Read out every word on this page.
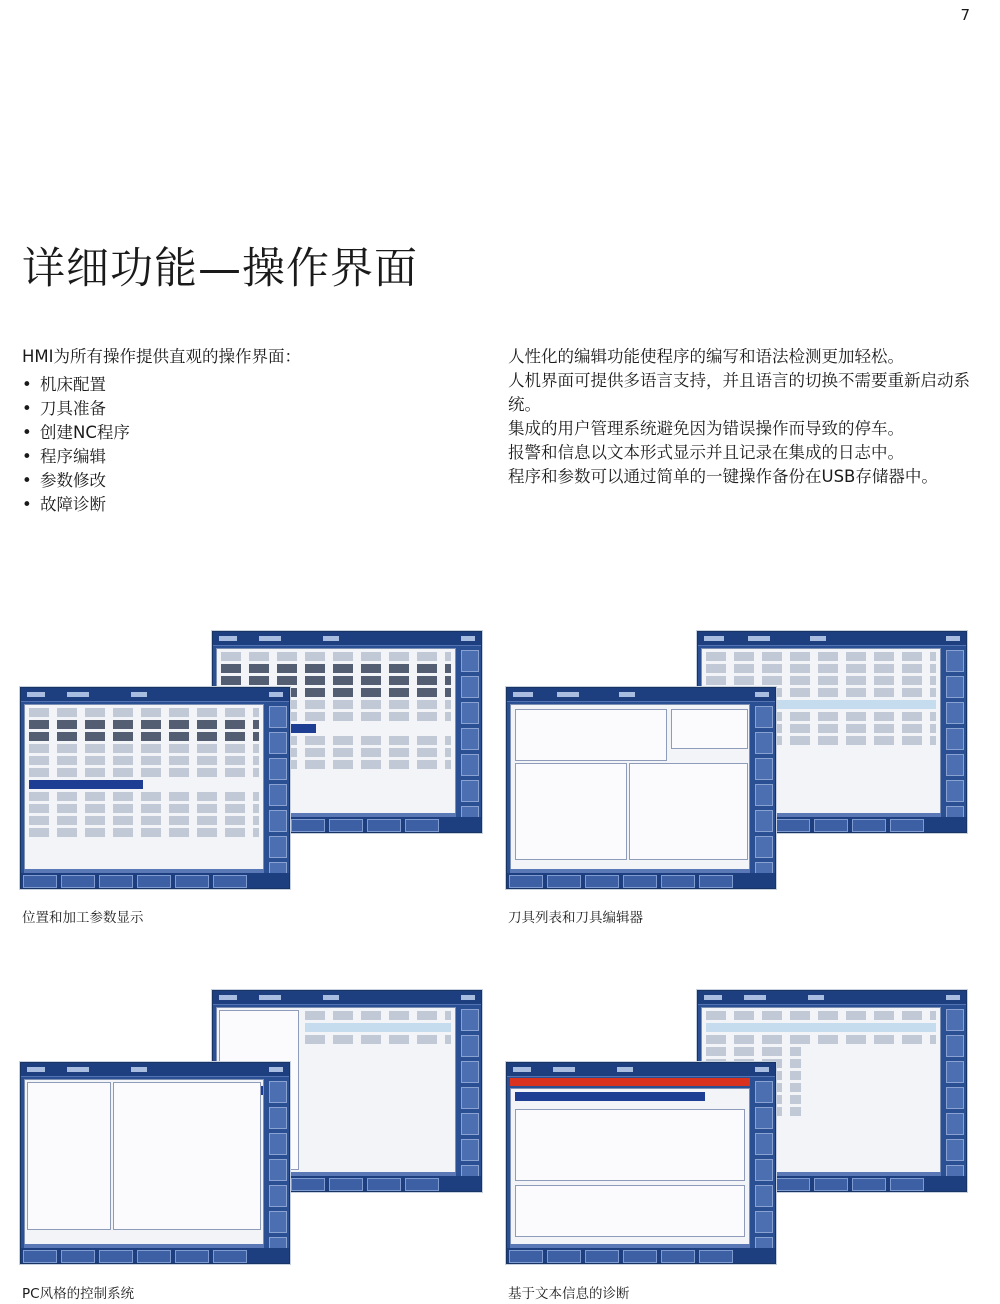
7
详细功能—操作界面
HMI为所有操作提供直观的操作界面：
• 机床配置
• 刀具准备
• 创建NC程序
• 程序编辑
• 参数修改
• 故障诊断

人性化的编辑功能使程序的编写和语法检测更加轻松。

人机界面可提供多语言支持，并且语言的切换不需要重新启动系统。

集成的用户管理系统避免因为错误操作而导致的停车。

报警和信息以文本形式显示并且记录在集成的日志中。

程序和参数可以通过简单的一键操作备份在USB存储器中。

位置和加工参数显示	刀具列表和刀具编辑器
PC风格的控制系统	基于文本信息的诊断
